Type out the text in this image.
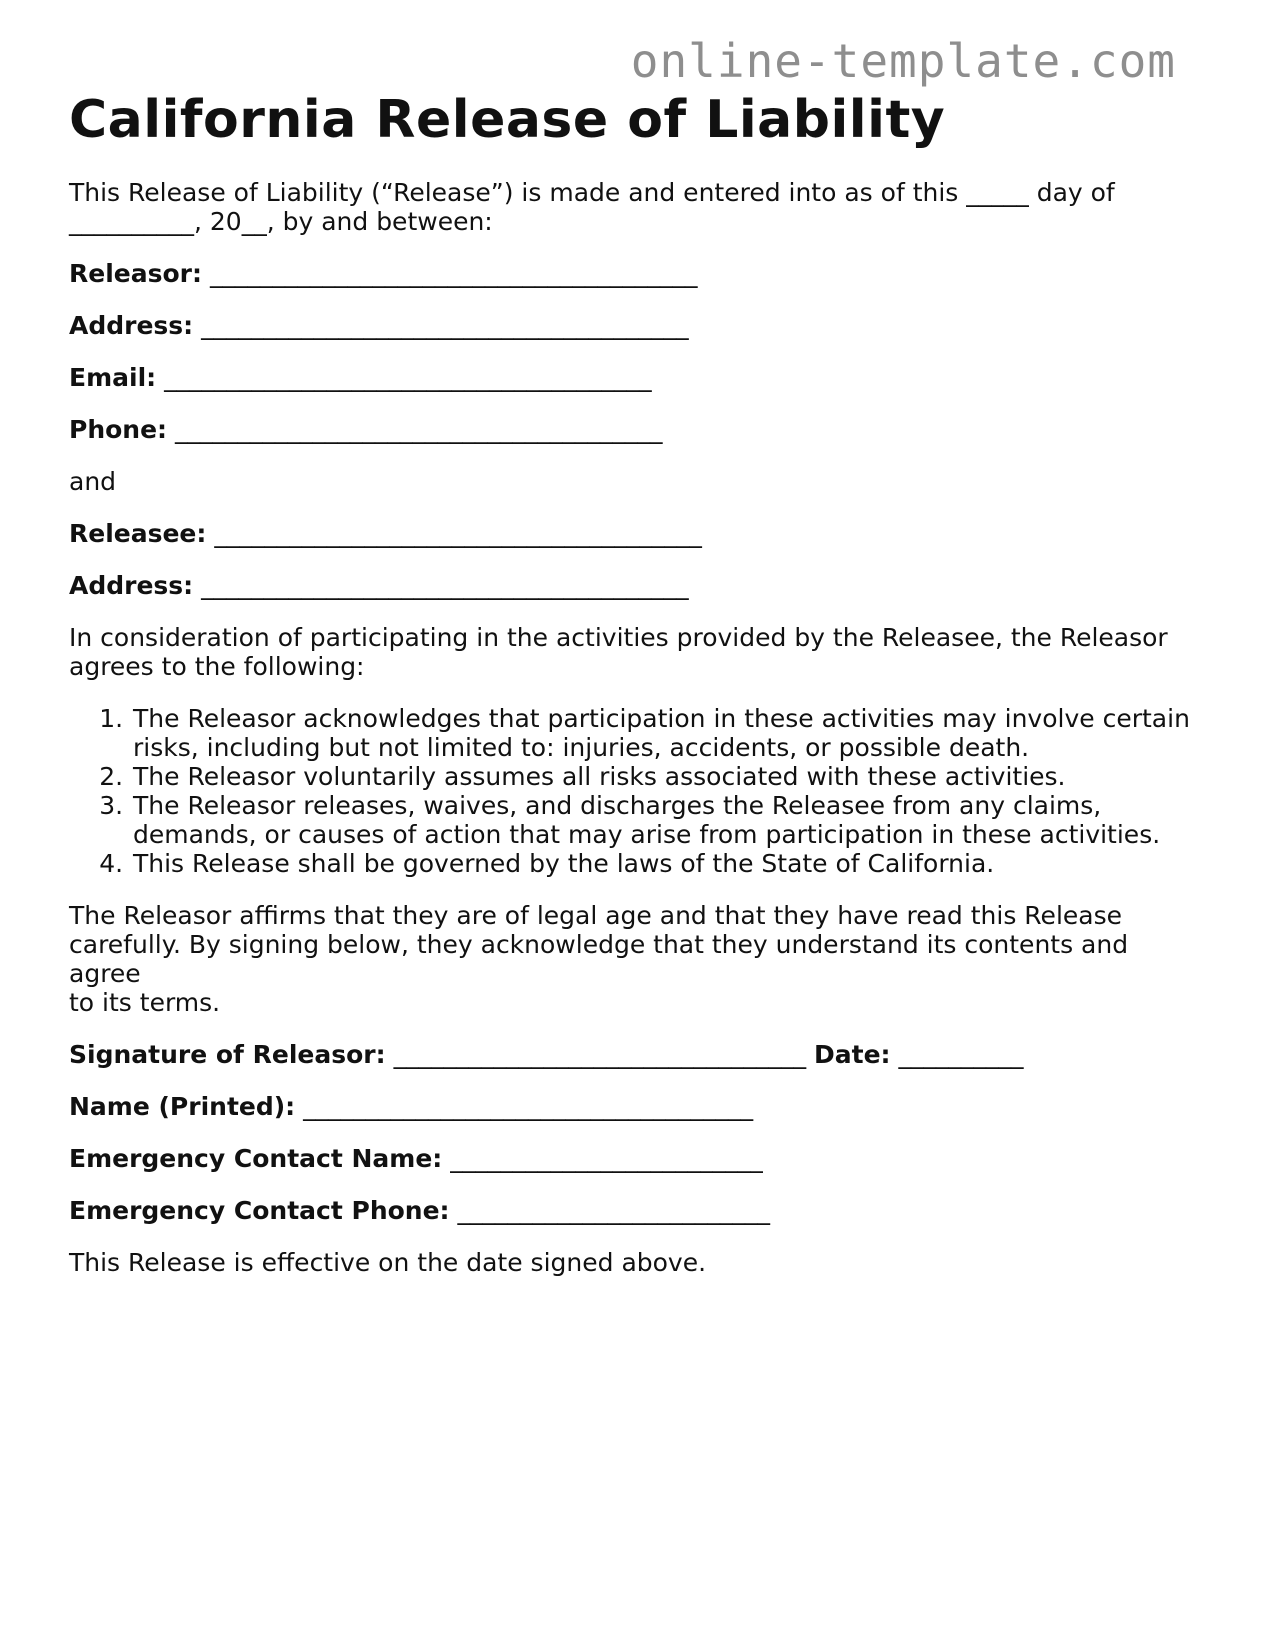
online-template.com
California Release of Liability

This Release of Liability (“Release”) is made and entered into as of this _____ day of

__________, 20__, by and between:

Releasor: _______________________________________

Address: _______________________________________

Email: _______________________________________

Phone: _______________________________________

and

Releasee: _______________________________________

Address: _______________________________________

In consideration of participating in the activities provided by the Releasee, the Releasor

agrees to the following:

1. The Releasor acknowledges that participation in these activities may involve certain
risks, including but not limited to: injuries, accidents, or possible death.
2. The Releasor voluntarily assumes all risks associated with these activities.
3. The Releasor releases, waives, and discharges the Releasee from any claims,
demands, or causes of action that may arise from participation in these activities.
4. This Release shall be governed by the laws of the State of California.

The Releasor affirms that they are of legal age and that they have read this Release

carefully. By signing below, they acknowledge that they understand its contents and agree

to its terms.

Signature of Releasor: _________________________________ Date: __________

Name (Printed): ____________________________________

Emergency Contact Name: _________________________

Emergency Contact Phone: _________________________

This Release is effective on the date signed above.
